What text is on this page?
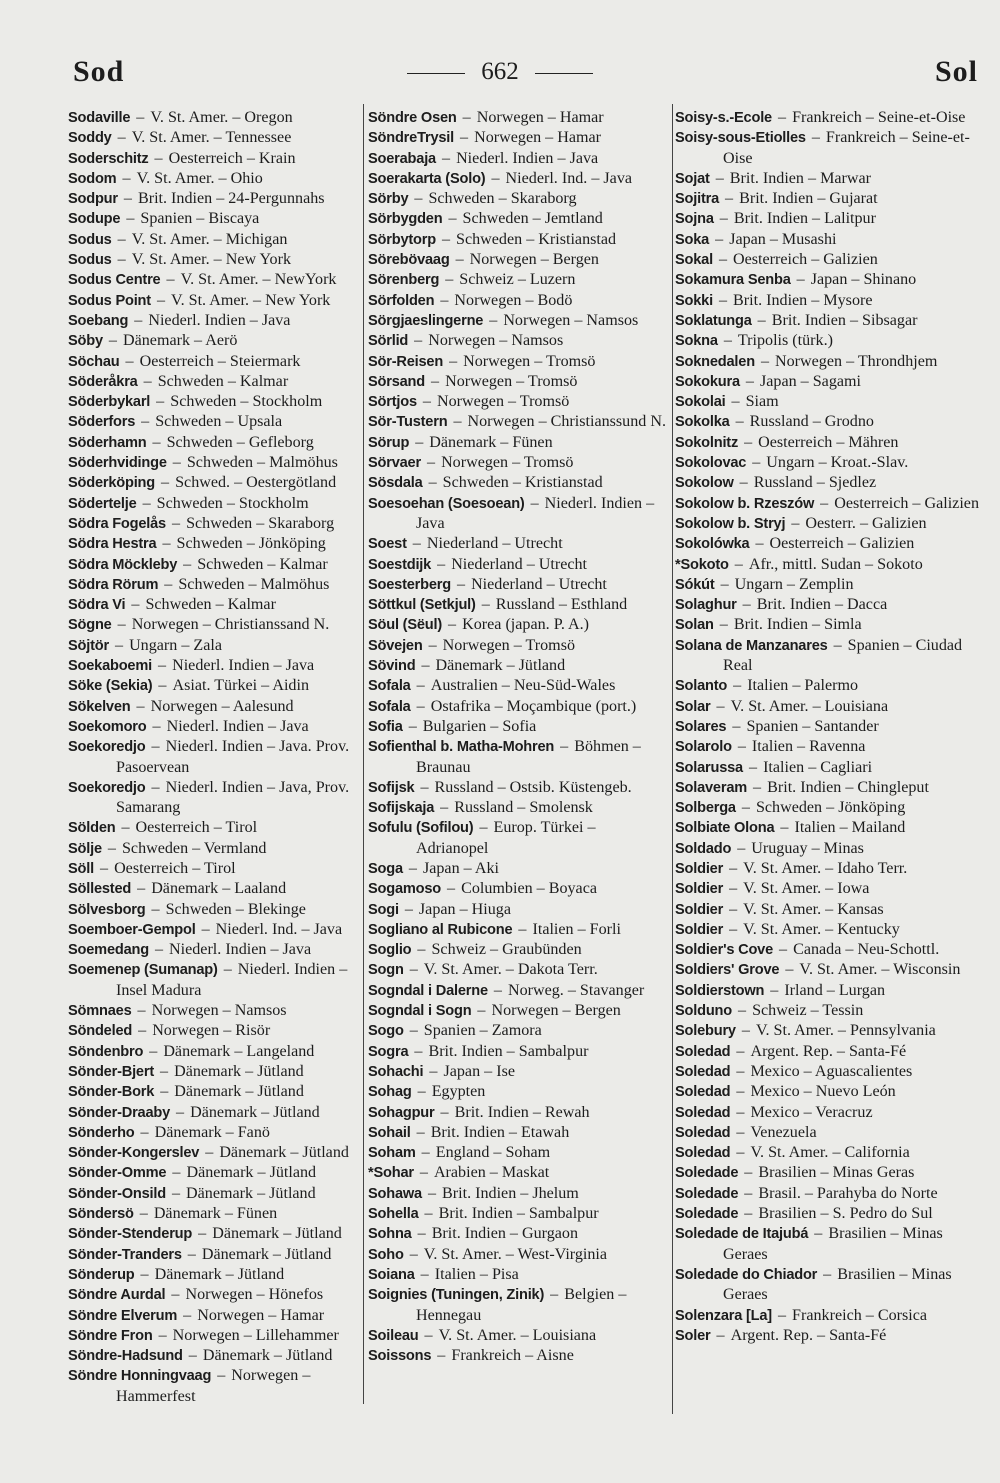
Sod	662	Sol
Sodaville – V. St. Amer. – Oregon
Soddy – V. St. Amer. – Tennessee
Soderschitz – Oesterreich – Krain
Sodom – V. St. Amer. – Ohio
Sodpur – Brit. Indien – 24-Pergunnahs
Sodupe – Spanien – Biscaya
Sodus – V. St. Amer. – Michigan
Sodus – V. St. Amer. – New York
Sodus Centre – V. St. Amer. – NewYork
Sodus Point – V. St. Amer. – New York
Soebang – Niederl. Indien – Java
Söby – Dänemark – Aerö
Söchau – Oesterreich – Steiermark
Söderåkra – Schweden – Kalmar
Söderbykarl – Schweden – Stockholm
Söderfors – Schweden – Upsala
Söderhamn – Schweden – Gefleborg
Söderhvidinge – Schweden – Malmöhus
Söderköping – Schwed. – Oestergötland
Södertelje – Schweden – Stockholm
Södra Fogelås – Schweden – Skaraborg
Södra Hestra – Schweden – Jönköping
Södra Möckleby – Schweden – Kalmar
Södra Rörum – Schweden – Malmöhus
Södra Vi – Schweden – Kalmar
Sögne – Norwegen – Christianssand N.
Söjtör – Ungarn – Zala
Soekaboemi – Niederl. Indien – Java
Söke (Sekia) – Asiat. Türkei – Aidin
Sökelven – Norwegen – Aalesund
Soekomoro – Niederl. Indien – Java
Soekoredjo – Niederl. Indien – Java. Prov. Pasoervean
Soekoredjo – Niederl. Indien – Java, Prov. Samarang
Sölden – Oesterreich – Tirol
Sölje – Schweden – Vermland
Söll – Oesterreich – Tirol
Söllested – Dänemark – Laaland
Sölvesborg – Schweden – Blekinge
Soemboer-Gempol – Niederl. Ind. – Java
Soemedang – Niederl. Indien – Java
Soemenep (Sumanap) – Niederl. Indien – Insel Madura
Sömnaes – Norwegen – Namsos
Söndeled – Norwegen – Risör
Söndenbro – Dänemark – Langeland
Sönder-Bjert – Dänemark – Jütland
Sönder-Bork – Dänemark – Jütland
Sönder-Draaby – Dänemark – Jütland
Sönderho – Dänemark – Fanö
Sönder-Kongerslev – Dänemark – Jütland
Sönder-Omme – Dänemark – Jütland
Sönder-Onsild – Dänemark – Jütland
Söndersö – Dänemark – Fünen
Sönder-Stenderup – Dänemark – Jütland
Sönder-Tranders – Dänemark – Jütland
Sönderup – Dänemark – Jütland
Söndre Aurdal – Norwegen – Hönefos
Söndre Elverum – Norwegen – Hamar
Söndre Fron – Norwegen – Lillehammer
Söndre-Hadsund – Dänemark – Jütland
Söndre Honningvaag – Norwegen – Hammerfest
Söndre Osen – Norwegen – Hamar
SöndreTrysil – Norwegen – Hamar
Soerabaja – Niederl. Indien – Java
Soerakarta (Solo) – Niederl. Ind. – Java
Sörby – Schweden – Skaraborg
Sörbygden – Schweden – Jemtland
Sörbytorp – Schweden – Kristianstad
Sörebövaag – Norwegen – Bergen
Sörenberg – Schweiz – Luzern
Sörfolden – Norwegen – Bodö
Sörgjaeslingerne – Norwegen – Namsos
Sörlid – Norwegen – Namsos
Sör-Reisen – Norwegen – Tromsö
Sörsand – Norwegen – Tromsö
Sörtjos – Norwegen – Tromsö
Sör-Tustern – Norwegen – Christianssund N.
Sörup – Dänemark – Fünen
Sörvaer – Norwegen – Tromsö
Sösdala – Schweden – Kristianstad
Soesoehan (Soesoean) – Niederl. Indien – Java
Soest – Niederland – Utrecht
Soestdijk – Niederland – Utrecht
Soesterberg – Niederland – Utrecht
Söttkul (Setkjul) – Russland – Esthland
Söul (Sëul) – Korea (japan. P. A.)
Sövejen – Norwegen – Tromsö
Sövind – Dänemark – Jütland
Sofala – Australien – Neu-Süd-Wales
Sofala – Ostafrika – Moçambique (port.)
Sofia – Bulgarien – Sofia
Sofienthal b. Matha-Mohren – Böhmen – Braunau
Sofijsk – Russland – Ostsib. Küstengeb.
Sofijskaja – Russland – Smolensk
Sofulu (Sofilou) – Europ. Türkei – Adrianopel
Soga – Japan – Aki
Sogamoso – Columbien – Boyaca
Sogi – Japan – Hiuga
Sogliano al Rubicone – Italien – Forli
Soglio – Schweiz – Graubünden
Sogn – V. St. Amer. – Dakota Terr.
Sogndal i Dalerne – Norweg. – Stavanger
Sogndal i Sogn – Norwegen – Bergen
Sogo – Spanien – Zamora
Sogra – Brit. Indien – Sambalpur
Sohachi – Japan – Ise
Sohag – Egypten
Sohagpur – Brit. Indien – Rewah
Sohail – Brit. Indien – Etawah
Soham – England – Soham
*Sohar – Arabien – Maskat
Sohawa – Brit. Indien – Jhelum
Sohella – Brit. Indien – Sambalpur
Sohna – Brit. Indien – Gurgaon
Soho – V. St. Amer. – West-Virginia
Soiana – Italien – Pisa
Soignies (Tuningen, Zinik) – Belgien – Hennegau
Soileau – V. St. Amer. – Louisiana
Soissons – Frankreich – Aisne
Soisy-s.-Ecole – Frankreich – Seine-et-Oise
Soisy-sous-Etiolles – Frankreich – Seine-et-Oise
Sojat – Brit. Indien – Marwar
Sojitra – Brit. Indien – Gujarat
Sojna – Brit. Indien – Lalitpur
Soka – Japan – Musashi
Sokal – Oesterreich – Galizien
Sokamura Senba – Japan – Shinano
Sokki – Brit. Indien – Mysore
Soklatunga – Brit. Indien – Sibsagar
Sokna – Tripolis (türk.)
Soknedalen – Norwegen – Throndhjem
Sokokura – Japan – Sagami
Sokolai – Siam
Sokolka – Russland – Grodno
Sokolnitz – Oesterreich – Mähren
Sokolovac – Ungarn – Kroat.-Slav.
Sokolow – Russland – Sjedlez
Sokolow b. Rzeszów – Oesterreich – Galizien
Sokolow b. Stryj – Oesterr. – Galizien
Sokolówka – Oesterreich – Galizien
*Sokoto – Afr., mittl. Sudan – Sokoto
Sókút – Ungarn – Zemplin
Solaghur – Brit. Indien – Dacca
Solan – Brit. Indien – Simla
Solana de Manzanares – Spanien – Ciudad Real
Solanto – Italien – Palermo
Solar – V. St. Amer. – Louisiana
Solares – Spanien – Santander
Solarolo – Italien – Ravenna
Solarussa – Italien – Cagliari
Solaveram – Brit. Indien – Chingleput
Solberga – Schweden – Jönköping
Solbiate Olona – Italien – Mailand
Soldado – Uruguay – Minas
Soldier – V. St. Amer. – Idaho Terr.
Soldier – V. St. Amer. – Iowa
Soldier – V. St. Amer. – Kansas
Soldier – V. St. Amer. – Kentucky
Soldier's Cove – Canada – Neu-Schottl.
Soldiers' Grove – V. St. Amer. – Wisconsin
Soldierstown – Irland – Lurgan
Solduno – Schweiz – Tessin
Solebury – V. St. Amer. – Pennsylvania
Soledad – Argent. Rep. – Santa-Fé
Soledad – Mexico – Aguascalientes
Soledad – Mexico – Nuevo León
Soledad – Mexico – Veracruz
Soledad – Venezuela
Soledad – V. St. Amer. – California
Soledade – Brasilien – Minas Geras
Soledade – Brasil. – Parahyba do Norte
Soledade – Brasilien – S. Pedro do Sul
Soledade de Itajubá – Brasilien – Minas Geraes
Soledade do Chiador – Brasilien – Minas Geraes
Solenzara [La] – Frankreich – Corsica
Soler – Argent. Rep. – Santa-Fé
